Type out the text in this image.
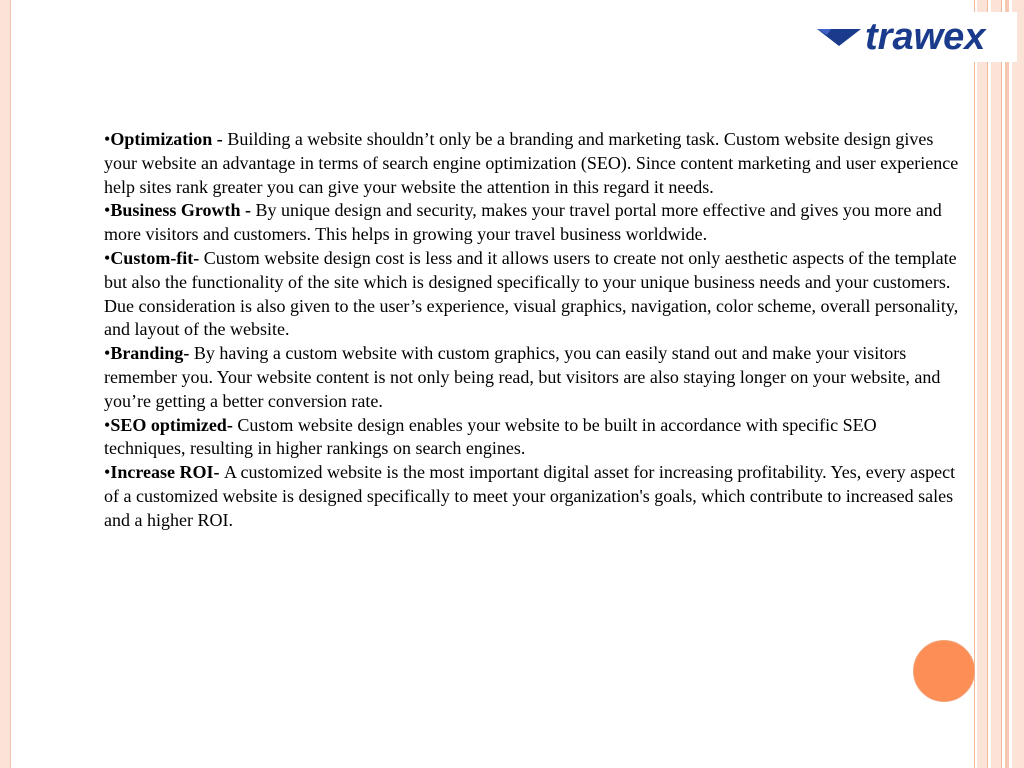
trawex

•Optimization - Building a website shouldn’t only be a branding and marketing task. Custom website design gives your website an advantage in terms of search engine optimization (SEO). Since content marketing and user experience help sites rank greater you can give your website the attention in this regard it needs.

•Business Growth - By unique design and security, makes your travel portal more effective and gives you more and more visitors and customers. This helps in growing your travel business worldwide.

•Custom-fit- Custom website design cost is less and it allows users to create not only aesthetic aspects of the template but also the functionality of the site which is designed specifically to your unique business needs and your customers. Due consideration is also given to the user’s experience, visual graphics, navigation, color scheme, overall personality, and layout of the website.

•Branding- By having a custom website with custom graphics, you can easily stand out and make your visitors remember you. Your website content is not only being read, but visitors are also staying longer on your website, and you’re getting a better conversion rate.

•SEO optimized- Custom website design enables your website to be built in accordance with specific SEO techniques, resulting in higher rankings on search engines.

•Increase ROI- A customized website is the most important digital asset for increasing profitability. Yes, every aspect of a customized website is designed specifically to meet your organization's goals, which contribute to increased sales and a higher ROI.
